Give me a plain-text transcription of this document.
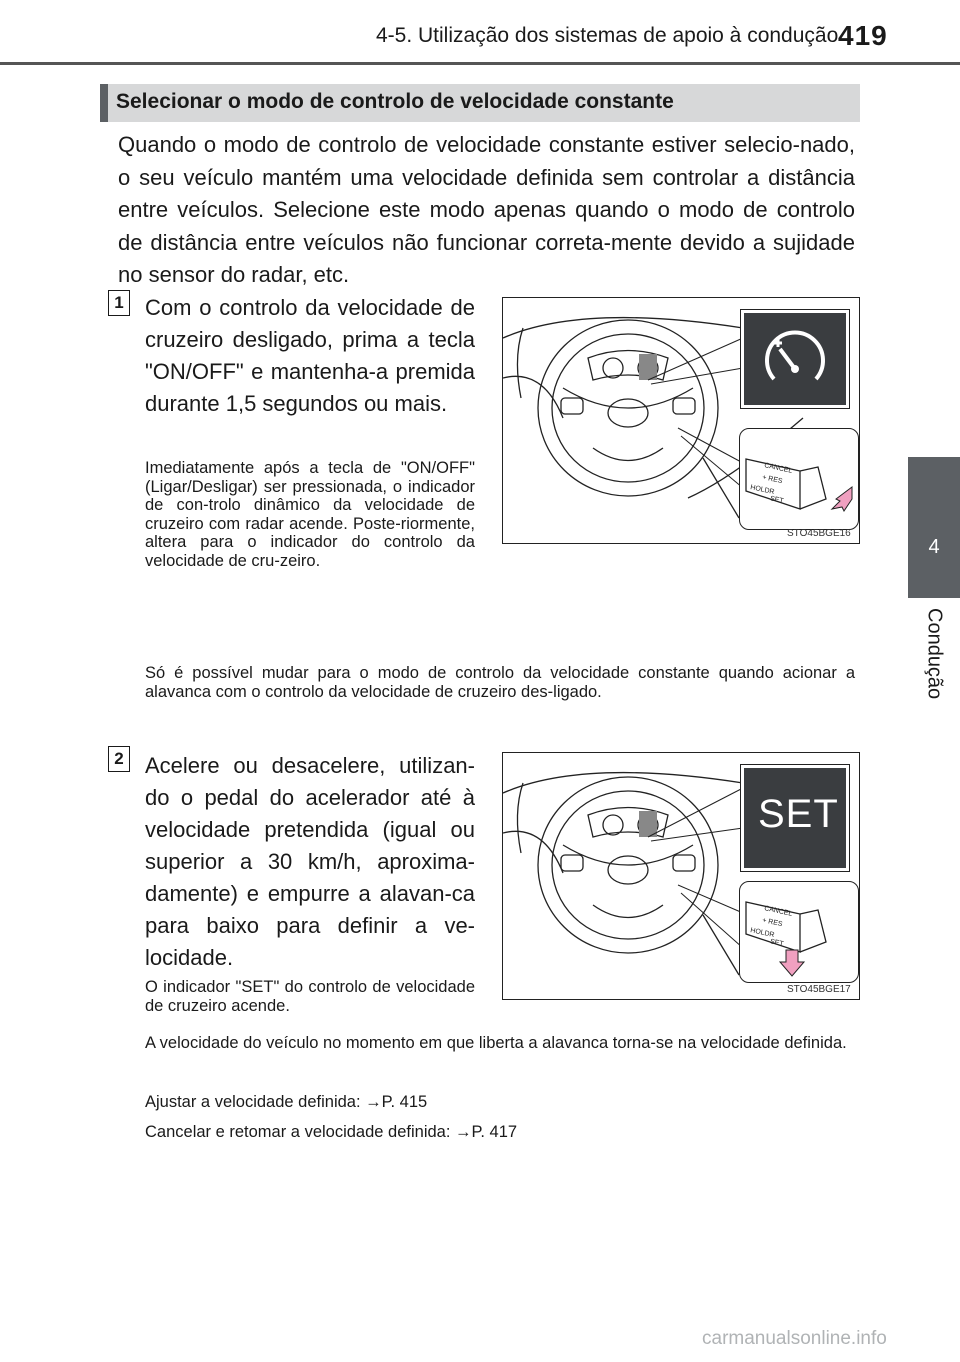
4-5. Utilização dos sistemas de apoio à condução 419
4
Condução
Selecionar o modo de controlo de velocidade constante
Quando o modo de controlo de velocidade constante estiver selecio-nado, o seu veículo mantém uma velocidade definida sem controlar a distância entre veículos. Selecione este modo apenas quando o modo de controlo de distância entre veículos não funcionar correta-mente devido a sujidade no sensor do radar, etc.
1 Com o controlo da velocidade de cruzeiro desligado, prima a tecla "ON/OFF" e mantenha-a premida durante 1,5 segundos ou mais.
Imediatamente após a tecla de "ON/OFF" (Ligar/Desligar) ser pressionada, o indicador de con-trolo dinâmico da velocidade de cruzeiro com radar acende. Poste-riormente, altera para o indicador do controlo da velocidade de cru-zeiro.
CANCEL
+ RES
HOLDR
– SET
STO45BGE16
Só é possível mudar para o modo de controlo da velocidade constante quando acionar a alavanca com o controlo da velocidade de cruzeiro des-ligado.
2 Acelere ou desacelere, utilizan-do o pedal do acelerador até à velocidade pretendida (igual ou superior a 30 km/h, aproxima-damente) e empurre a alavan-ca para baixo para definir a ve-locidade.
O indicador "SET" do controlo de velocidade de cruzeiro acende.
SET
CANCEL
+ RES
HOLDR
– SET
STO45BGE17
A velocidade do veículo no momento em que liberta a alavanca torna-se na velocidade definida.
Ajustar a velocidade definida: →P. 415
Cancelar e retomar a velocidade definida: →P. 417
carmanualsonline.info
